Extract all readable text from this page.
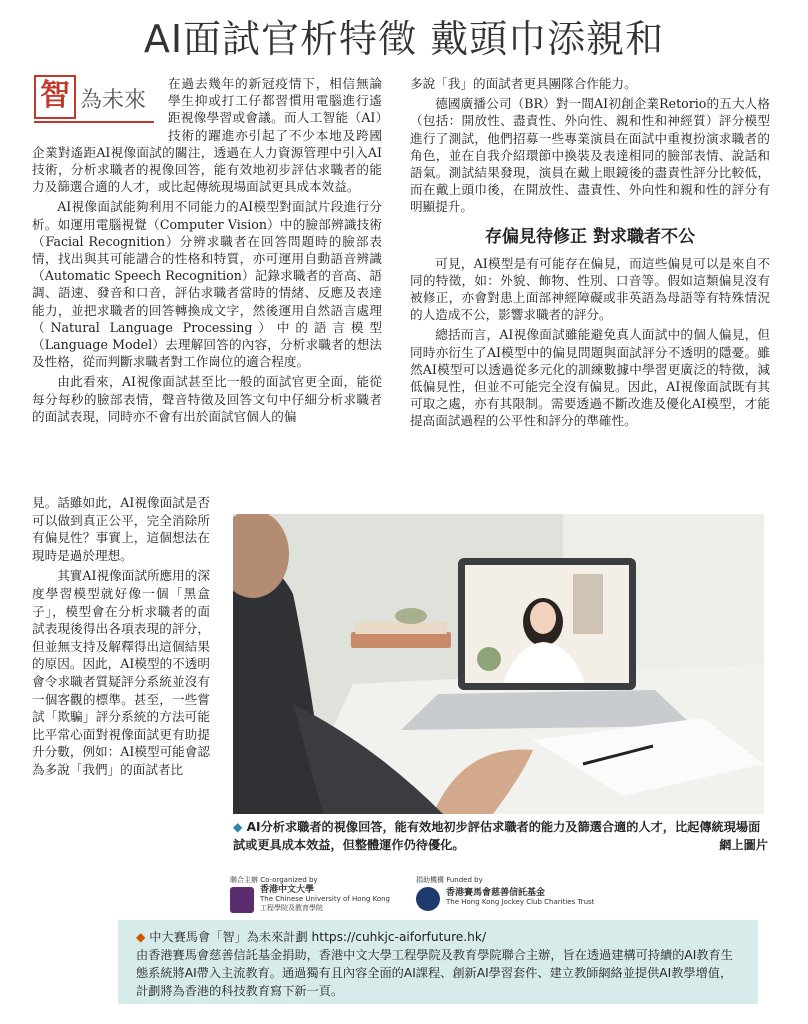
AI面試官析特徵 戴頭巾添親和
智 為未來

在過去幾年的新冠疫情下，相信無論學生抑或打工仔都習慣用電腦進行遙距視像學習或會議。而人工智能（AI）技術的躍進亦引起了不少本地及跨國企業對遙距AI視像面試的關注，透過在人力資源管理中引入AI技術，分析求職者的視像回答，能有效地初步評估求職者的能力及篩選合適的人才，或比起傳統現場面試更具成本效益。

AI視像面試能夠利用不同能力的AI模型對面試片段進行分析。如運用電腦視覺（Computer Vision）中的臉部辨識技術（Facial Recognition）分辨求職者在回答問題時的臉部表情，找出與其可能譜合的性格和特質，亦可運用自動語音辨識（Automatic Speech Recognition）記錄求職者的音高、語調、語速、發音和口音，評估求職者當時的情緒、反應及表達能力，並把求職者的回答轉換成文字，然後運用自然語言處理（Natural Language Processing）中的語言模型（Language Model）去理解回答的內容，分析求職者的想法及性格，從而判斷求職者對工作崗位的適合程度。

由此看來，AI視像面試甚至比一般的面試官更全面，能從每分每秒的臉部表情，聲音特徵及回答文句中仔細分析求職者的面試表現，同時亦不會有出於面試官個人的偏

見。話雖如此，AI視像面試是否可以做到真正公平，完全消除所有偏見性？事實上，這個想法在現時是過於理想。

其實AI視像面試所應用的深度學習模型就好像一個「黑盒子」，模型會在分析求職者的面試表現後得出各項表現的評分，但並無支持及解釋得出這個結果的原因。因此，AI模型的不透明會令求職者質疑評分系統並沒有一個客觀的標準。甚至，一些嘗試「欺騙」評分系統的方法可能比平常心面對視像面試更有助提升分數，例如：AI模型可能會認為多說「我們」的面試者比

多說「我」的面試者更具團隊合作能力。

德國廣播公司（BR）對一間AI初創企業Retorio的五大人格（包括：開放性、盡責性、外向性、親和性和神經質）評分模型進行了測試，他們招募一些專業演員在面試中重複扮演求職者的角色，並在自我介紹環節中換裝及表達相同的臉部表情、說話和語氣。測試結果發現，演員在戴上眼鏡後的盡責性評分比較低，而在戴上頭巾後，在開放性、盡責性、外向性和親和性的評分有明顯提升。

存偏見待修正 對求職者不公

可見，AI模型是有可能存在偏見，而這些偏見可以是來自不同的特徵，如：外貌、飾物、性別、口音等。假如這類偏見沒有被修正，亦會對患上面部神經障礙或非英語為母語等有特殊情況的人造成不公，影響求職者的評分。

總括而言，AI視像面試雖能避免真人面試中的個人偏見，但同時亦衍生了AI模型中的偏見問題與面試評分不透明的隱憂。雖然AI模型可以透過從多元化的訓練數據中學習更廣泛的特徵，減低偏見性，但並不可能完全沒有偏見。因此，AI視像面試既有其可取之處，亦有其限制。需要透過不斷改進及優化AI模型，才能提高面試過程的公平性和評分的準確性。

◆ AI分析求職者的視像回答，能有效地初步評估求職者的能力及篩選合適的人才，比起傳統現場面試或更具成本效益，但整體運作仍待優化。	網上圖片
聯合主辦 Co-organized by
香港中文大學
The Chinese University of Hong Kong
工程學院及教育學院
捐助機構 Funded by
香港賽馬會慈善信託基金
The Hong Kong Jockey Club Charities Trust
◆ 中大賽馬會「智」為未來計劃 https://cuhkjc-aiforfuture.hk/
由香港賽馬會慈善信託基金捐助，香港中文大學工程學院及教育學院聯合主辦，旨在透過建構可持續的AI教育生態系統將AI帶入主流教育。通過獨有且內容全面的AI課程、創新AI學習套件、建立教師網絡並提供AI教學增值，計劃將為香港的科技教育寫下新一頁。
